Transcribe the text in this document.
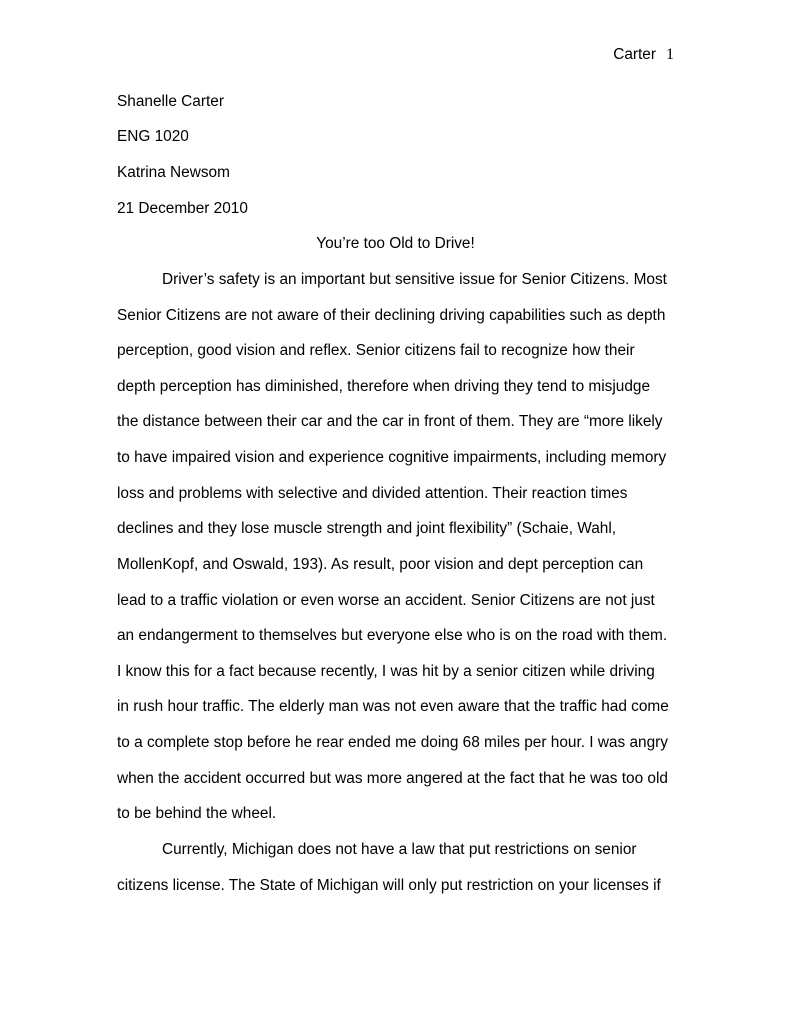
Carter 1
Shanelle Carter
ENG 1020
Katrina Newsom
21 December 2010
You’re too Old to Drive!
Driver’s safety is an important but sensitive issue for Senior Citizens. Most
Senior Citizens are not aware of their declining driving capabilities such as depth
perception, good vision and reflex. Senior citizens fail to recognize how their
depth perception has diminished, therefore when driving they tend to misjudge
the distance between their car and the car in front of them. They are “more likely
to have impaired vision and experience cognitive impairments, including memory
loss and problems with selective and divided attention. Their reaction times
declines and they lose muscle strength and joint flexibility” (Schaie, Wahl,
MollenKopf, and Oswald, 193). As result, poor vision and dept perception can
lead to a traffic violation or even worse an accident. Senior Citizens are not just
an endangerment to themselves but everyone else who is on the road with them.
I know this for a fact because recently, I was hit by a senior citizen while driving
in rush hour traffic. The elderly man was not even aware that the traffic had come
to a complete stop before he rear ended me doing 68 miles per hour. I was angry
when the accident occurred but was more angered at the fact that he was too old
to be behind the wheel.
Currently, Michigan does not have a law that put restrictions on senior
citizens license. The State of Michigan will only put restriction on your licenses if
